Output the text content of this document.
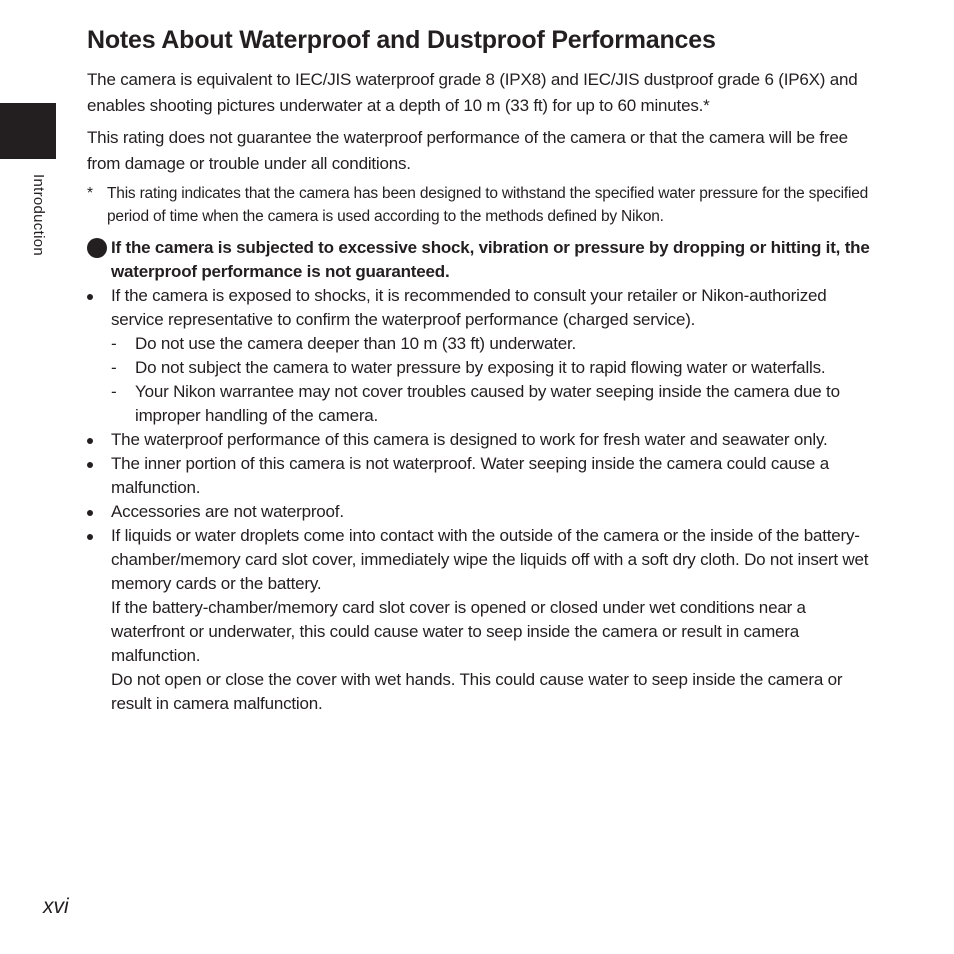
Introduction
Notes About Waterproof and Dustproof Performances

The camera is equivalent to IEC/JIS waterproof grade 8 (IPX8) and IEC/JIS dustproof grade 6 (IP6X) and enables shooting pictures underwater at a depth of 10 m (33 ft) for up to 60 minutes.*

This rating does not guarantee the waterproof performance of the camera or that the camera will be free from damage or trouble under all conditions.

* This rating indicates that the camera has been designed to withstand the specified water pressure for the specified period of time when the camera is used according to the methods defined by Nikon.
If the camera is subjected to excessive shock, vibration or pressure by dropping or hitting it, the waterproof performance is not guaranteed.
If the camera is exposed to shocks, it is recommended to consult your retailer or Nikon-authorized service representative to confirm the waterproof performance (charged service).
- Do not use the camera deeper than 10 m (33 ft) underwater.
- Do not subject the camera to water pressure by exposing it to rapid flowing water or waterfalls.
- Your Nikon warrantee may not cover troubles caused by water seeping inside the camera due to improper handling of the camera.
The waterproof performance of this camera is designed to work for fresh water and seawater only.
The inner portion of this camera is not waterproof. Water seeping inside the camera could cause a malfunction.
Accessories are not waterproof.
If liquids or water droplets come into contact with the outside of the camera or the inside of the battery-chamber/memory card slot cover, immediately wipe the liquids off with a soft dry cloth. Do not insert wet memory cards or the battery.
If the battery-chamber/memory card slot cover is opened or closed under wet conditions near a waterfront or underwater, this could cause water to seep inside the camera or result in camera malfunction.
Do not open or close the cover with wet hands. This could cause water to seep inside the camera or result in camera malfunction.
xvi
